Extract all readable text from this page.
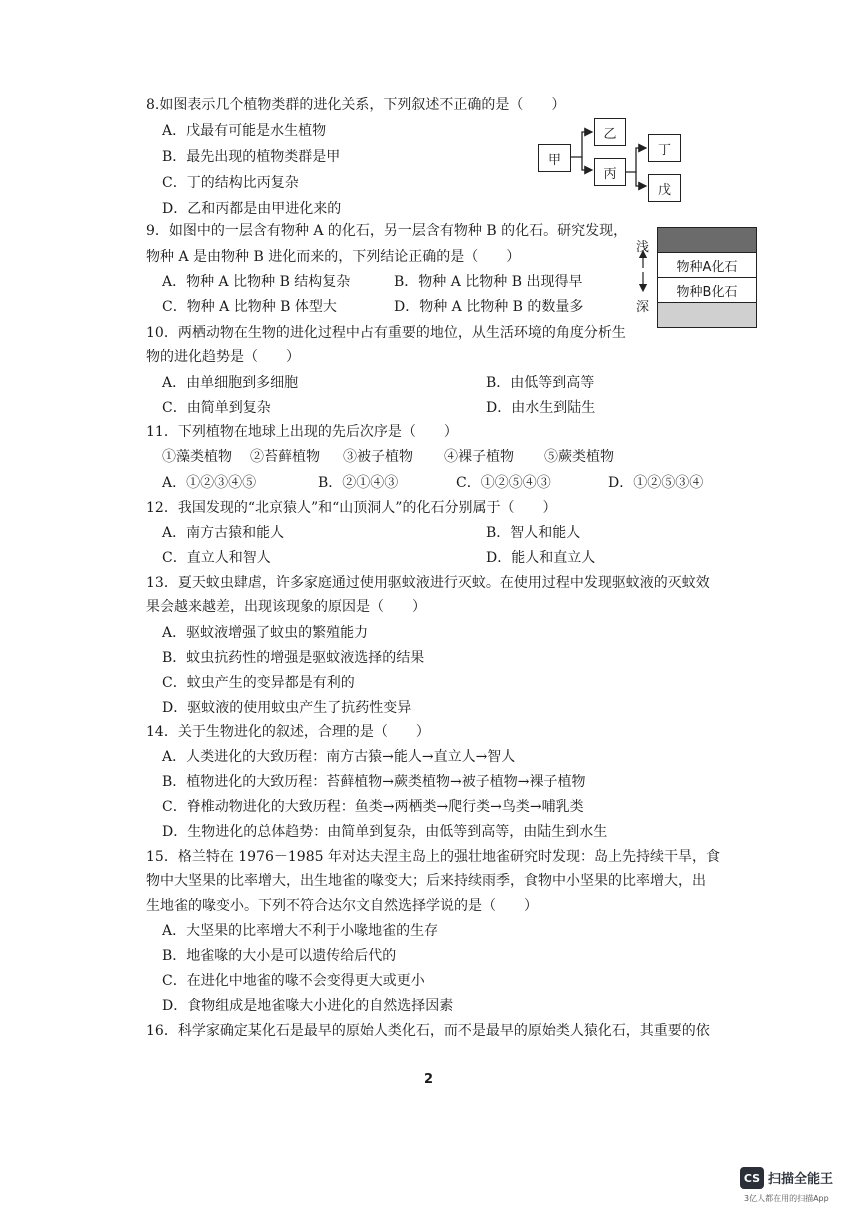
8.如图表示几个植物类群的进化关系，下列叙述不正确的是（　　）
A．戊最有可能是水生植物
B．最先出现的植物类群是甲
C．丁的结构比丙复杂
D．乙和丙都是由甲进化来的
甲
乙
丙
丁
戊
9．如图中的一层含有物种 A 的化石，另一层含有物种 B 的化石。研究发现，
物种 A 是由物种 B 进化而来的，下列结论正确的是（　　）
A．物种 A 比物种 B 结构复杂	B．物种 A 比物种 B 出现得早
C．物种 A 比物种 B 体型大	D．物种 A 比物种 B 的数量多
浅
深
物种A化石
物种B化石
10．两栖动物在生物的进化过程中占有重要的地位，从生活环境的角度分析生
物的进化趋势是（　　）
A．由单细胞到多细胞	B．由低等到高等
C．由简单到复杂	D．由水生到陆生
11．下列植物在地球上出现的先后次序是（　　）
①藻类植物 ②苔藓植物 ③被子植物 ④裸子植物 ⑤蕨类植物
A．①②③④⑤	B．②①④③	C．①②⑤④③	D．①②⑤③④
12．我国发现的“北京猿人”和“山顶洞人”的化石分别属于（　　）
A．南方古猿和能人	B．智人和能人
C．直立人和智人	D．能人和直立人
13．夏天蚊虫肆虐，许多家庭通过使用驱蚊液进行灭蚊。在使用过程中发现驱蚊液的灭蚊效
果会越来越差，出现该现象的原因是（　　）
A．驱蚊液增强了蚊虫的繁殖能力
B．蚊虫抗药性的增强是驱蚊液选择的结果
C．蚊虫产生的变异都是有利的
D．驱蚊液的使用蚊虫产生了抗药性变异
14．关于生物进化的叙述，合理的是（　　）
A．人类进化的大致历程：南方古猿→能人→直立人→智人
B．植物进化的大致历程：苔藓植物→蕨类植物→被子植物→裸子植物
C．脊椎动物进化的大致历程：鱼类→两栖类→爬行类→鸟类→哺乳类
D．生物进化的总体趋势：由简单到复杂，由低等到高等，由陆生到水生
15．格兰特在 1976－1985 年对达夫涅主岛上的强壮地雀研究时发现：岛上先持续干旱，食
物中大坚果的比率增大，出生地雀的喙变大；后来持续雨季，食物中小坚果的比率增大，出
生地雀的喙变小。下列不符合达尔文自然选择学说的是（　　）
A．大坚果的比率增大不利于小喙地雀的生存
B．地雀喙的大小是可以遗传给后代的
C．在进化中地雀的喙不会变得更大或更小
D．食物组成是地雀喙大小进化的自然选择因素
16．科学家确定某化石是最早的原始人类化石，而不是最早的原始类人猿化石，其重要的依
2
CS 扫描全能王
3亿人都在用的扫描App
